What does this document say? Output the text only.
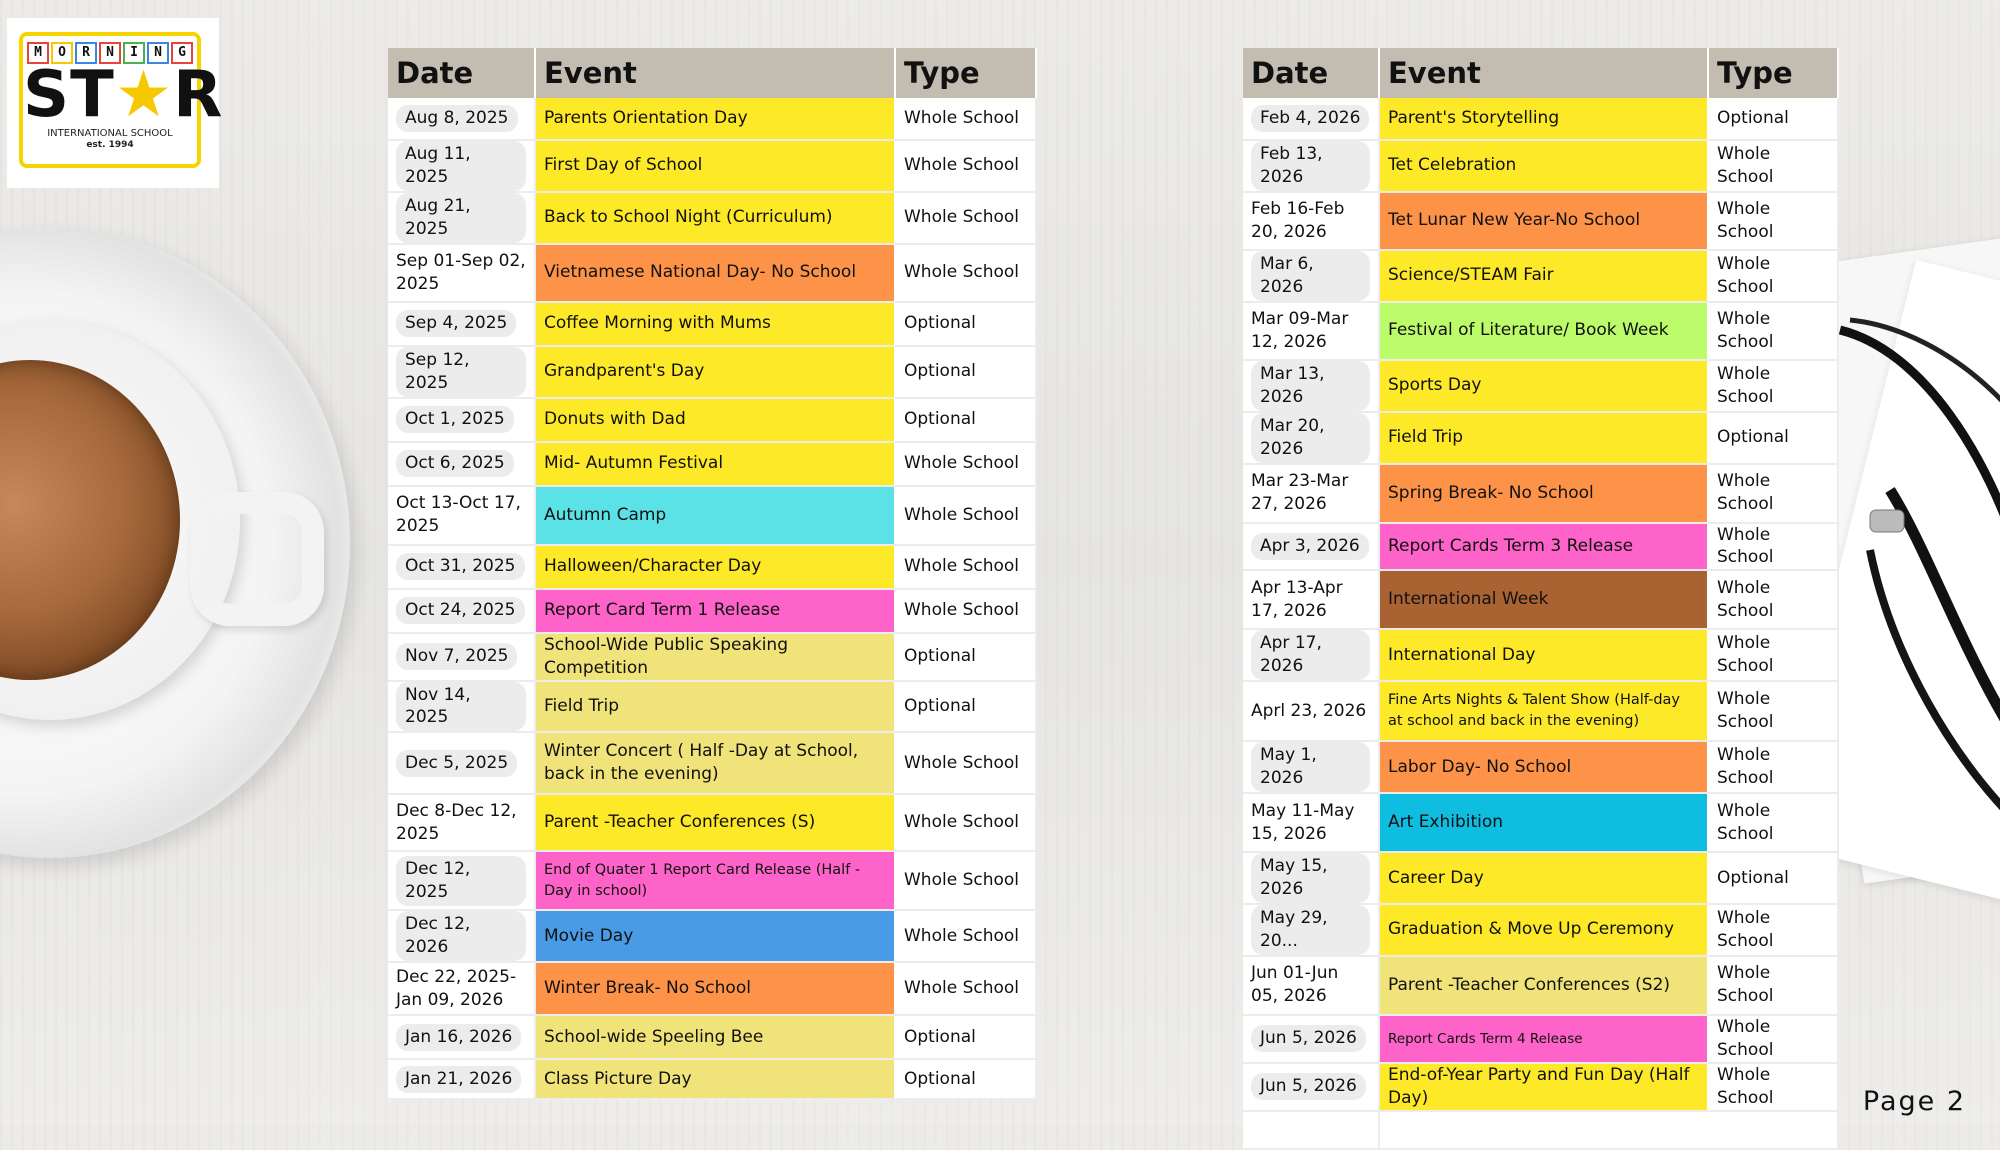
M	O	R	N	I	N	G
ST★R
INTERNATIONAL SCHOOL
est. 1994
Date	Event	Type
Aug 8, 2025	Parents Orientation Day	Whole School
Aug 11, 2025	First Day of School	Whole School
Aug 21, 2025	Back to School Night (Curriculum)	Whole School
Sep 01-Sep 02, 2025	Vietnamese National Day- No School	Whole School
Sep 4, 2025	Coffee Morning with Mums	Optional
Sep 12, 2025	Grandparent's Day	Optional
Oct 1, 2025	Donuts with Dad	Optional
Oct 6, 2025	Mid- Autumn Festival	Whole School
Oct 13-Oct 17, 2025	Autumn Camp	Whole School
Oct 31, 2025	Halloween/Character Day	Whole School
Oct 24, 2025	Report Card Term 1 Release	Whole School
Nov 7, 2025	School-Wide Public Speaking Competition	Optional
Nov 14, 2025	Field Trip	Optional
Dec 5, 2025	Winter Concert ( Half -Day at School, back in the evening)	Whole School
Dec 8-Dec 12, 2025	Parent -Teacher Conferences (S)	Whole School
Dec 12, 2025	End of Quater 1 Report Card Release (Half - Day in school)	Whole School
Dec 12, 2026	Movie Day	Whole School
Dec 22, 2025- Jan 09, 2026	Winter Break- No School	Whole School
Jan 16, 2026	School-wide Speeling Bee	Optional
Jan 21, 2026	Class Picture Day	Optional
Date	Event	Type
Feb 4, 2026	Parent's Storytelling	Optional
Feb 13, 2026	Tet Celebration	Whole School
Feb 16-Feb 20, 2026	Tet Lunar New Year-No School	Whole School
Mar 6, 2026	Science/STEAM Fair	Whole School
Mar 09-Mar 12, 2026	Festival of Literature/ Book Week	Whole School
Mar 13, 2026	Sports Day	Whole School
Mar 20, 2026	Field Trip	Optional
Mar 23-Mar 27, 2026	Spring Break- No School	Whole School
Apr 3, 2026	Report Cards Term 3 Release	Whole School
Apr 13-Apr 17, 2026	International Week	Whole School
Apr 17, 2026	International Day	Whole School
Aprl 23, 2026	Fine Arts Nights & Talent Show (Half-day at school and back in the evening)	Whole School
May 1, 2026	Labor Day- No School	Whole School
May 11-May 15, 2026	Art Exhibition	Whole School
May 15, 2026	Career Day	Optional
May 29, 20...	Graduation & Move Up Ceremony	Whole School
Jun 01-Jun 05, 2026	Parent -Teacher Conferences (S2)	Whole School
Jun 5, 2026	Report Cards Term 4 Release	Whole School
Jun 5, 2026	End-of-Year Party and Fun Day (Half Day)	Whole School
			Page 2
